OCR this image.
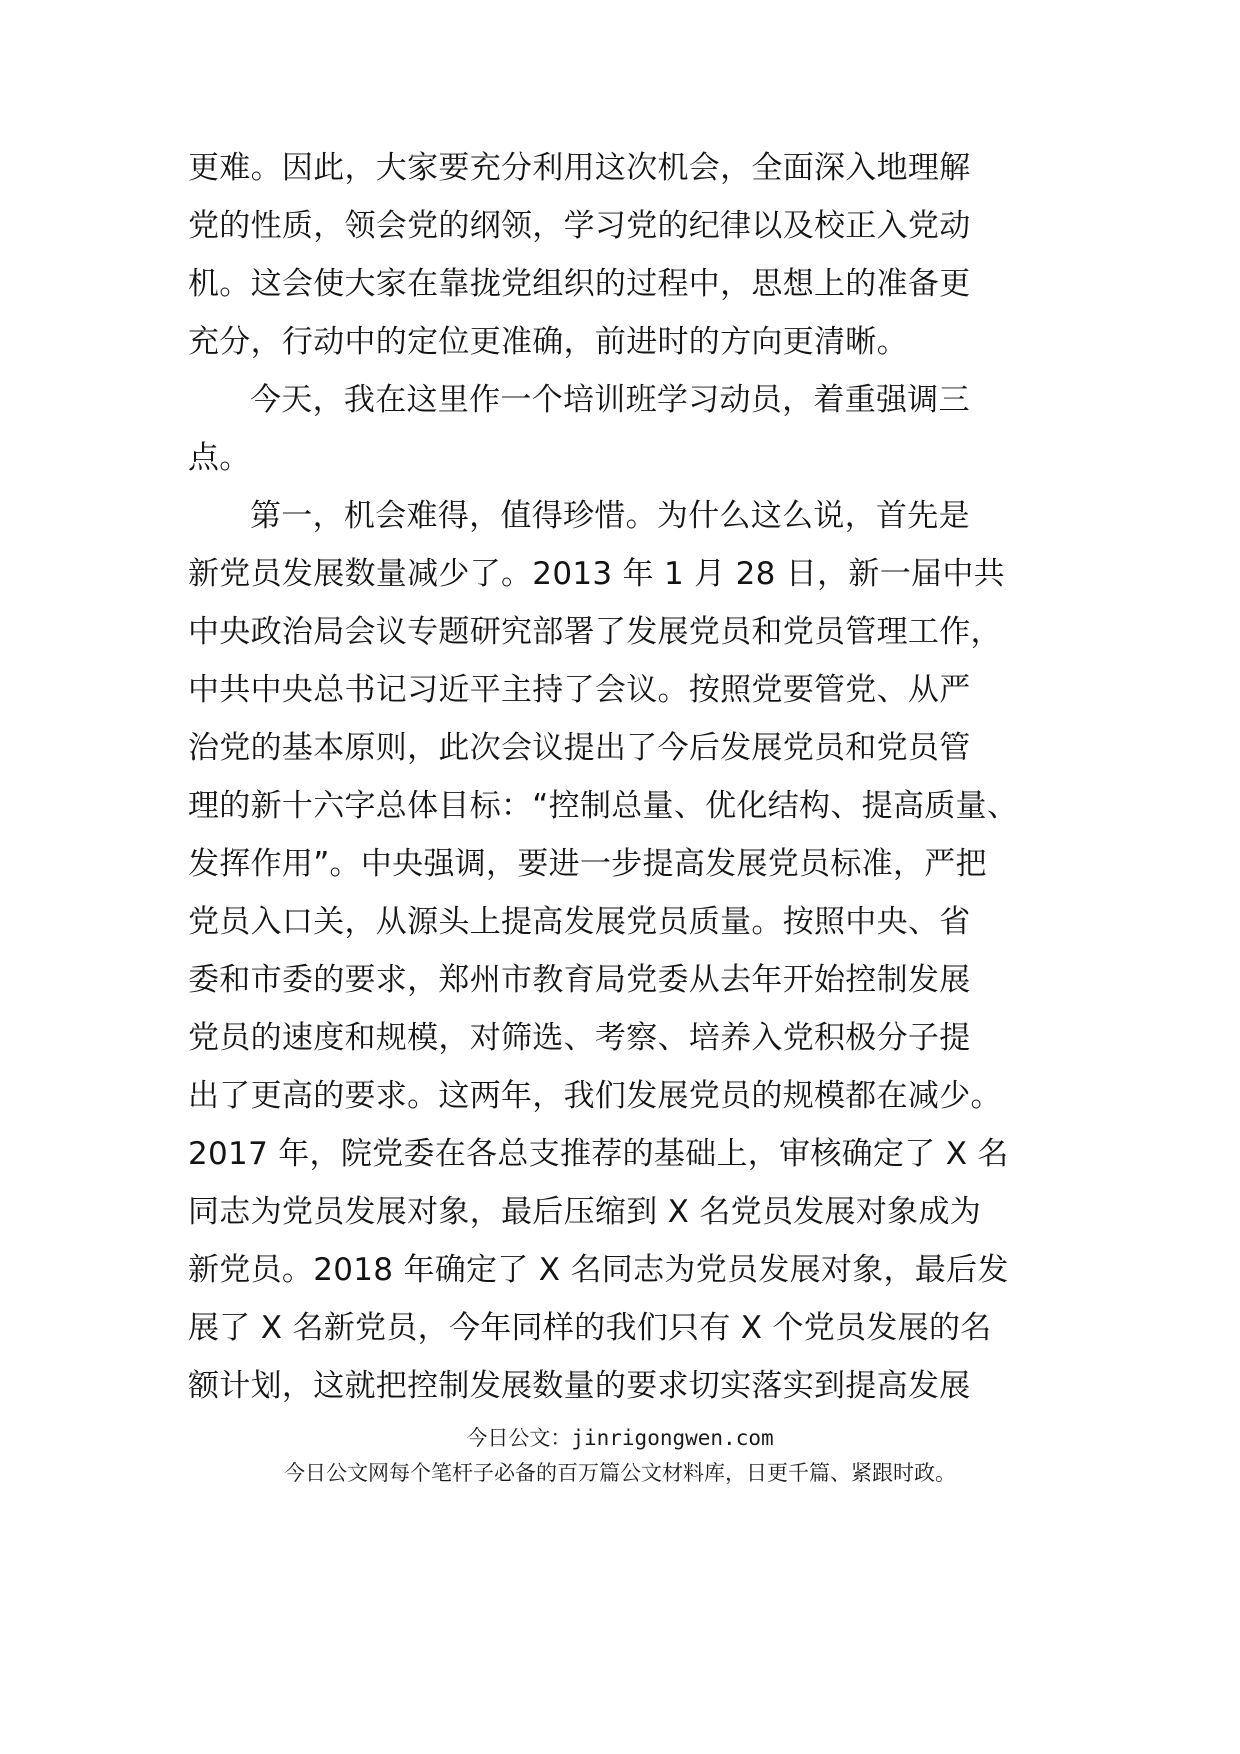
更难。因此，大家要充分利用这次机会，全面深入地理解
党的性质，领会党的纲领，学习党的纪律以及校正入党动
机。这会使大家在靠拢党组织的过程中，思想上的准备更
充分，行动中的定位更准确，前进时的方向更清晰。
今天，我在这里作一个培训班学习动员，着重强调三
点。
第一，机会难得，值得珍惜。为什么这么说，首先是
新党员发展数量减少了。2013 年 1 月 28 日，新一届中共
中央政治局会议专题研究部署了发展党员和党员管理工作，
中共中央总书记习近平主持了会议。按照党要管党、从严
治党的基本原则，此次会议提出了今后发展党员和党员管
理的新十六字总体目标：“控制总量、优化结构、提高质量、
发挥作用”。中央强调，要进一步提高发展党员标准，严把
党员入口关，从源头上提高发展党员质量。按照中央、省
委和市委的要求，郑州市教育局党委从去年开始控制发展
党员的速度和规模，对筛选、考察、培养入党积极分子提
出了更高的要求。这两年，我们发展党员的规模都在减少。
2017 年，院党委在各总支推荐的基础上，审核确定了 X 名
同志为党员发展对象，最后压缩到 X 名党员发展对象成为
新党员。2018 年确定了 X 名同志为党员发展对象，最后发
展了 X 名新党员，今年同样的我们只有 X 个党员发展的名
额计划，这就把控制发展数量的要求切实落实到提高发展
今日公文：jinrigongwen.com
今日公文网每个笔杆子必备的百万篇公文材料库，日更千篇、紧跟时政。
